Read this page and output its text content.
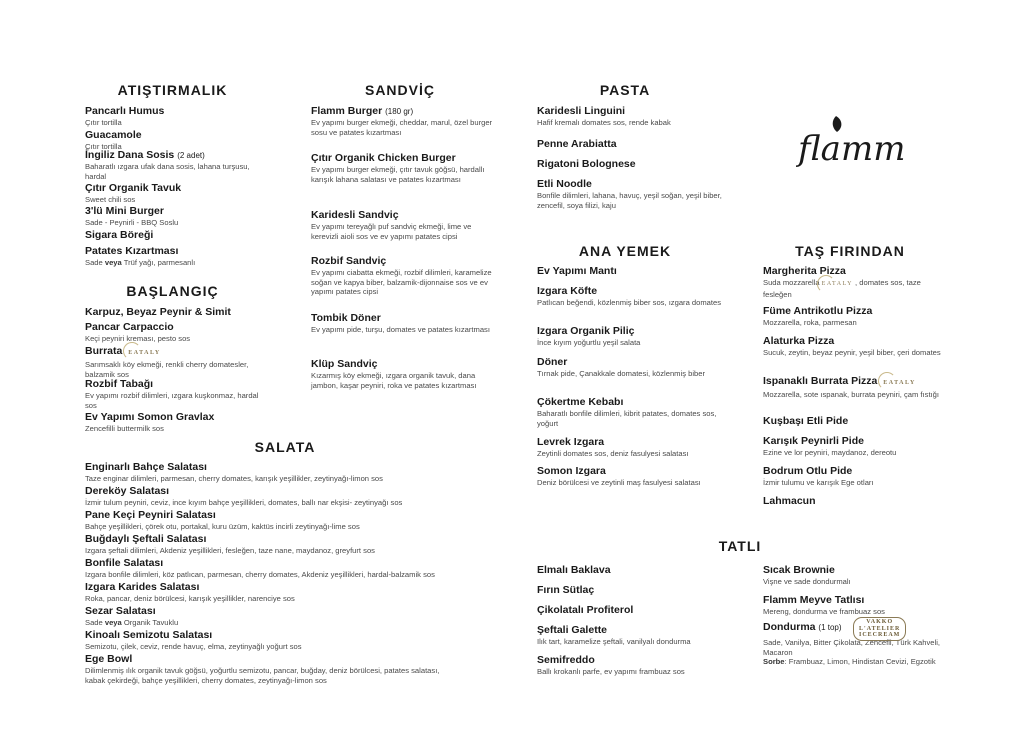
ATIŞTIRMALIK
Pancarlı Humus
Çıtır tortilla
Guacamole
Çıtır tortilla
İngiliz Dana Sosis (2 adet)
Baharatlı ızgara ufak dana sosis, lahana turşusu, hardal
Çıtır Organik Tavuk
Sweet chili sos
3'lü Mini Burger
Sade - Peynirli - BBQ Soslu
Sigara Böreği
Patates Kızartması
Sade veya Trüf yağı, parmesanlı
BAŞLANGIÇ
Karpuz, Beyaz Peynir & Simit
Pancar Carpaccio
Keçi peyniri kreması, pesto sos
Burrata EATALY
Sarımsaklı köy ekmeği, renkli cherry domatesler, balzamik sos
Rozbif Tabağı
Ev yapımı rozbif dilimleri, ızgara kuşkonmaz, hardal sos
Ev Yapımı Somon Gravlax
Zencefilli buttermilk sos
SANDVİÇ
Flamm Burger (180 gr)
Ev yapımı burger ekmeği, cheddar, marul, özel burger sosu ve patates kızartması
Çıtır Organik Chicken Burger
Ev yapımı burger ekmeği, çıtır tavuk göğsü, hardallı karışık lahana salatası ve patates kızartması
Karidesli Sandviç
Ev yapımı tereyağlı puf sandviç ekmeği, lime ve kerevizli aioli sos ve ev yapımı patates cipsi
Rozbif Sandviç
Ev yapımı ciabatta ekmeği, rozbif dilimleri, karamelize soğan ve kapya biber, balzamik-dijonnaise sos ve ev yapımı patates cipsi
Tombik Döner
Ev yapımı pide, turşu, domates ve patates kızartması
Klüp Sandviç
Kızarmış köy ekmeği, ızgara organik tavuk, dana jambon, kaşar peyniri, roka ve patates kızartması
SALATA
Enginarlı Bahçe Salatası
Taze enginar dilimleri, parmesan, cherry domates, karışık yeşillikler, zeytinyağı-limon sos
Dereköy Salatası
İzmir tulum peyniri, ceviz, ince kıyım bahçe yeşillikleri, domates, ballı nar ekşisi- zeytinyağı sos
Pane Keçi Peyniri Salatası
Bahçe yeşillikleri, çörek otu, portakal, kuru üzüm, kaktüs incirli zeytinyağı-lime sos
Buğdaylı Şeftali Salatası
Izgara şeftali dilimleri, Akdeniz yeşillikleri, fesleğen, taze nane, maydanoz, greyfurt sos
Bonfile Salatası
Izgara bonfile dilimleri, köz patlıcan, parmesan, cherry domates, Akdeniz yeşillikleri, hardal-balzamik sos
Izgara Karides Salatası
Roka, pancar, deniz börülcesi, karışık yeşillikler, narenciye sos
Sezar Salatası
Sade veya Organik Tavuklu
Kinoalı Semizotu Salatası
Semizotu, çilek, ceviz, rende havuç, elma, zeytinyağlı yoğurt sos
Ege Bowl
Dilimlenmiş ılık organik tavuk göğsü, yoğurtlu semizotu, pancar, buğday, deniz börülcesi, patates salatası, kabak çekirdeği, bahçe yeşillikleri, cherry domates, zeytinyağı-limon sos
PASTA
Karidesli Linguini
Hafif kremalı domates sos, rende kabak
Penne Arabiatta
Rigatoni Bolognese
Etli Noodle
Bonfile dilimleri, lahana, havuç, yeşil soğan, yeşil biber, zencefil, soya filizi, kaju
flamm
ANA YEMEK
Ev Yapımı Mantı
Izgara Köfte
Patlıcan beğendi, közlenmiş biber sos, ızgara domates
Izgara Organik Piliç
İnce kıyım yoğurtlu yeşil salata
Döner
Tırnak pide, Çanakkale domatesi, közlenmiş biber
Çökertme Kebabı
Baharatlı bonfile dilimleri, kibrit patates, domates sos, yoğurt
Levrek Izgara
Zeytinli domates sos, deniz fasulyesi salatası
Somon Izgara
Deniz börülcesi ve zeytinli maş fasulyesi salatası
TAŞ FIRINDAN
Margherita Pizza
Suda mozzarella EATALY , domates sos, taze fesleğen
Füme Antrikotlu Pizza
Mozzarella, roka, parmesan
Alaturka Pizza
Sucuk, zeytin, beyaz peynir, yeşil biber, çeri domates
Ispanaklı Burrata Pizza EATALY
Mozzarella, sote ıspanak, burrata peyniri, çam fıstığı
Kuşbaşı Etli Pide
Karışık Peynirli Pide
Ezine ve lor peyniri, maydanoz, dereotu
Bodrum Otlu Pide
İzmir tulumu ve karışık Ege otları
Lahmacun
TATLI
Elmalı Baklava
Fırın Sütlaç
Çikolatalı Profiterol
Şeftali Galette
Ilık tart, karamelize şeftali, vanilyalı dondurma
Semifreddo
Ballı krokanlı parfe, ev yapımı frambuaz sos
Sıcak Brownie
Vişne ve sade dondurmalı
Flamm Meyve Tatlısı
Mereng, dondurma ve frambuaz sos
Dondurma (1 top)
VAKKO
L'ATELIER
ICECREAM
Sade, Vanilya, Bitter Çikolata, Zencefil, Türk Kahveli, Macaron
Sorbe: Frambuaz, Limon, Hindistan Cevizi, Egzotik
